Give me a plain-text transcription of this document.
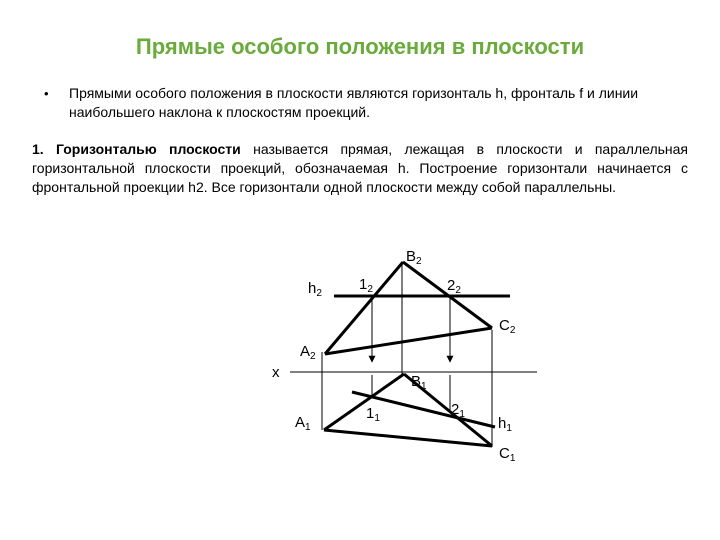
Прямые особого положения в плоскости
• Прямыми особого положения в плоскости являются горизонталь h, фронталь f и линии наибольшего наклона к плоскостям проекций.
1. Горизонталью плоскости называется прямая, лежащая в плоскости и параллельная горизонтальной плоскости проекций, обозначаемая h. Построение горизонтали начинается с фронтальной проекции h2. Все горизонтали одной плоскости между собой параллельны.
$B_2$
$h_2$
$1_2$	$2_2$
$C_2$
$A_2$
x
$B_1$
$1_1$
$2_1$
$A_1$	$h_1$
$C_1$
